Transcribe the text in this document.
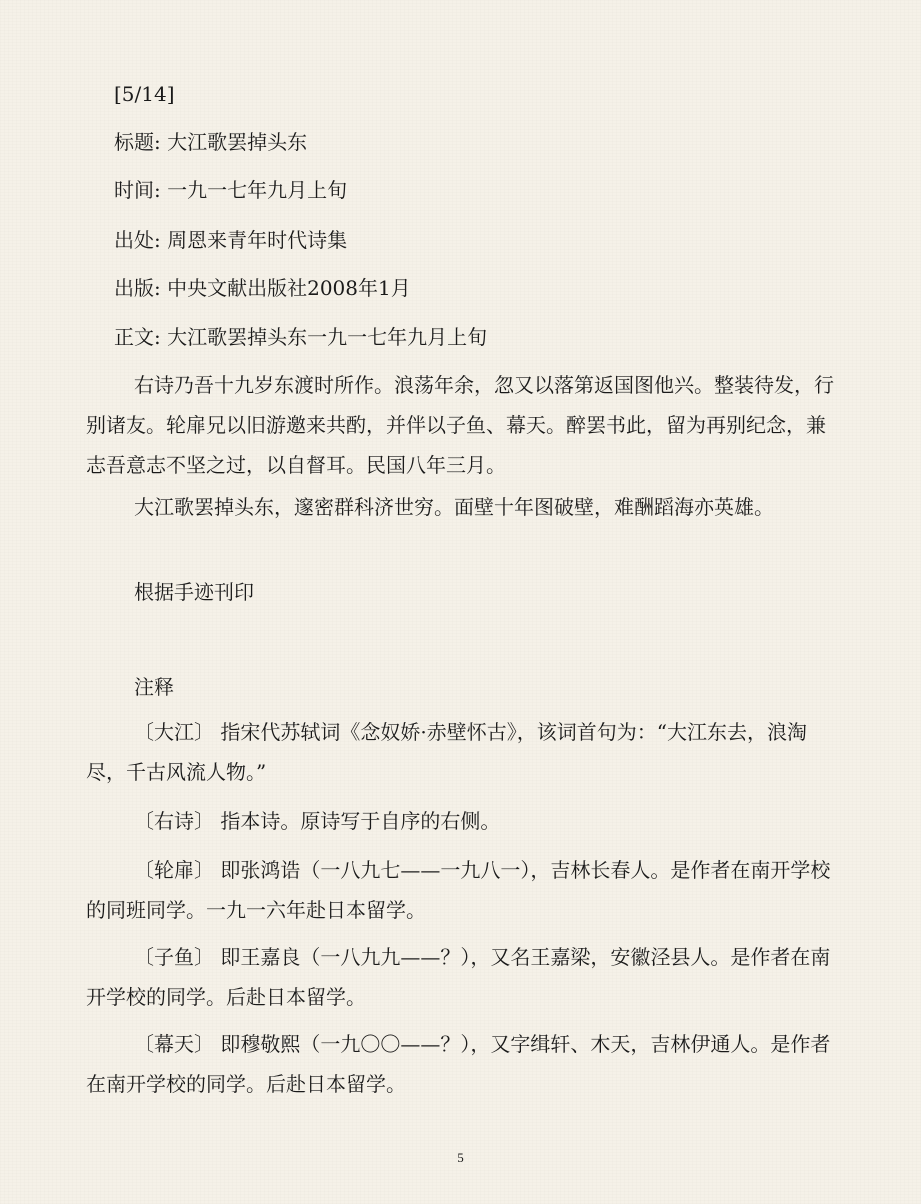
[5/14]
标题: 大江歌罢掉头东
时间: 一九一七年九月上旬
出处: 周恩来青年时代诗集
出版: 中央文献出版社2008年1月
正文: 大江歌罢掉头东一九一七年九月上旬

右诗乃吾十九岁东渡时所作。浪荡年余，忽又以落第返国图他兴。整装待发，行别诸友。轮扉兄以旧游邀来共酌，并伴以子鱼、幕天。醉罢书此，留为再别纪念，兼志吾意志不坚之过，以自督耳。民国八年三月。

大江歌罢掉头东，邃密群科济世穷。面壁十年图破壁，难酬蹈海亦英雄。

根据手迹刊印
注释

〔大江〕 指宋代苏轼词《念奴娇·赤壁怀古》，该词首句为：“大江东去，浪淘尽，千古风流人物。”

〔右诗〕 指本诗。原诗写于自序的右侧。

〔轮扉〕 即张鸿诰（一八九七——一九八一），吉林长春人。是作者在南开学校的同班同学。一九一六年赴日本留学。

〔子鱼〕 即王嘉良（一八九九——？），又名王嘉梁，安徽泾县人。是作者在南开学校的同学。后赴日本留学。

〔幕天〕 即穆敬熙（一九〇〇——？），又字缉轩、木天，吉林伊通人。是作者在南开学校的同学。后赴日本留学。

5
